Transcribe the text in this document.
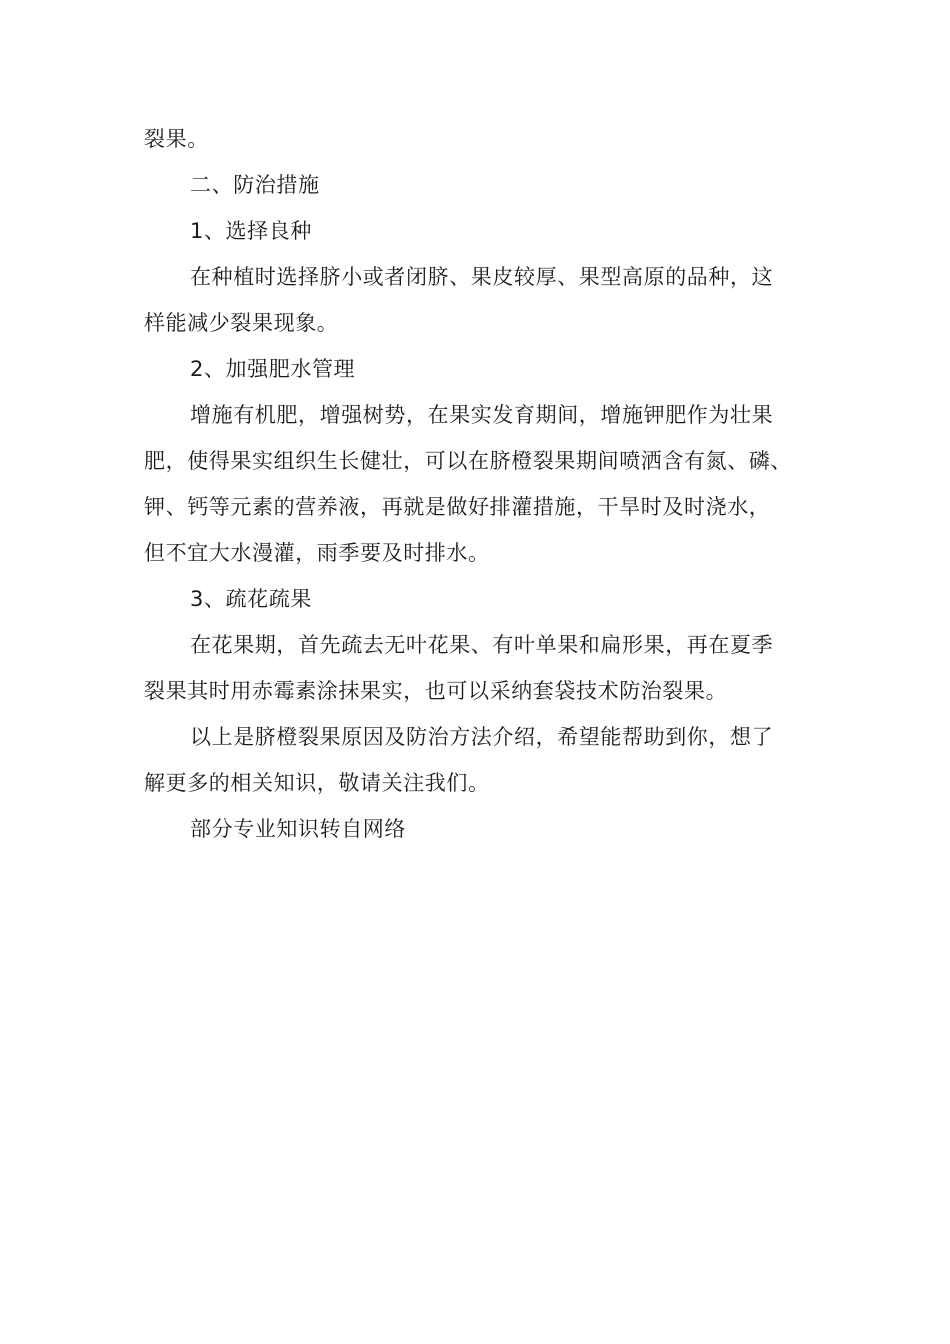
裂果。

二、防治措施

1、选择良种

在种植时选择脐小或者闭脐、果皮较厚、果型高原的品种，这
样能减少裂果现象。

2、加强肥水管理

增施有机肥，增强树势，在果实发育期间，增施钾肥作为壮果
肥，使得果实组织生长健壮，可以在脐橙裂果期间喷洒含有氮、磷、
钾、钙等元素的营养液，再就是做好排灌措施，干旱时及时浇水，
但不宜大水漫灌，雨季要及时排水。

3、疏花疏果

在花果期，首先疏去无叶花果、有叶单果和扁形果，再在夏季
裂果其时用赤霉素涂抹果实，也可以采纳套袋技术防治裂果。

以上是脐橙裂果原因及防治方法介绍，希望能帮助到你，想了
解更多的相关知识，敬请关注我们。

部分专业知识转自网络
